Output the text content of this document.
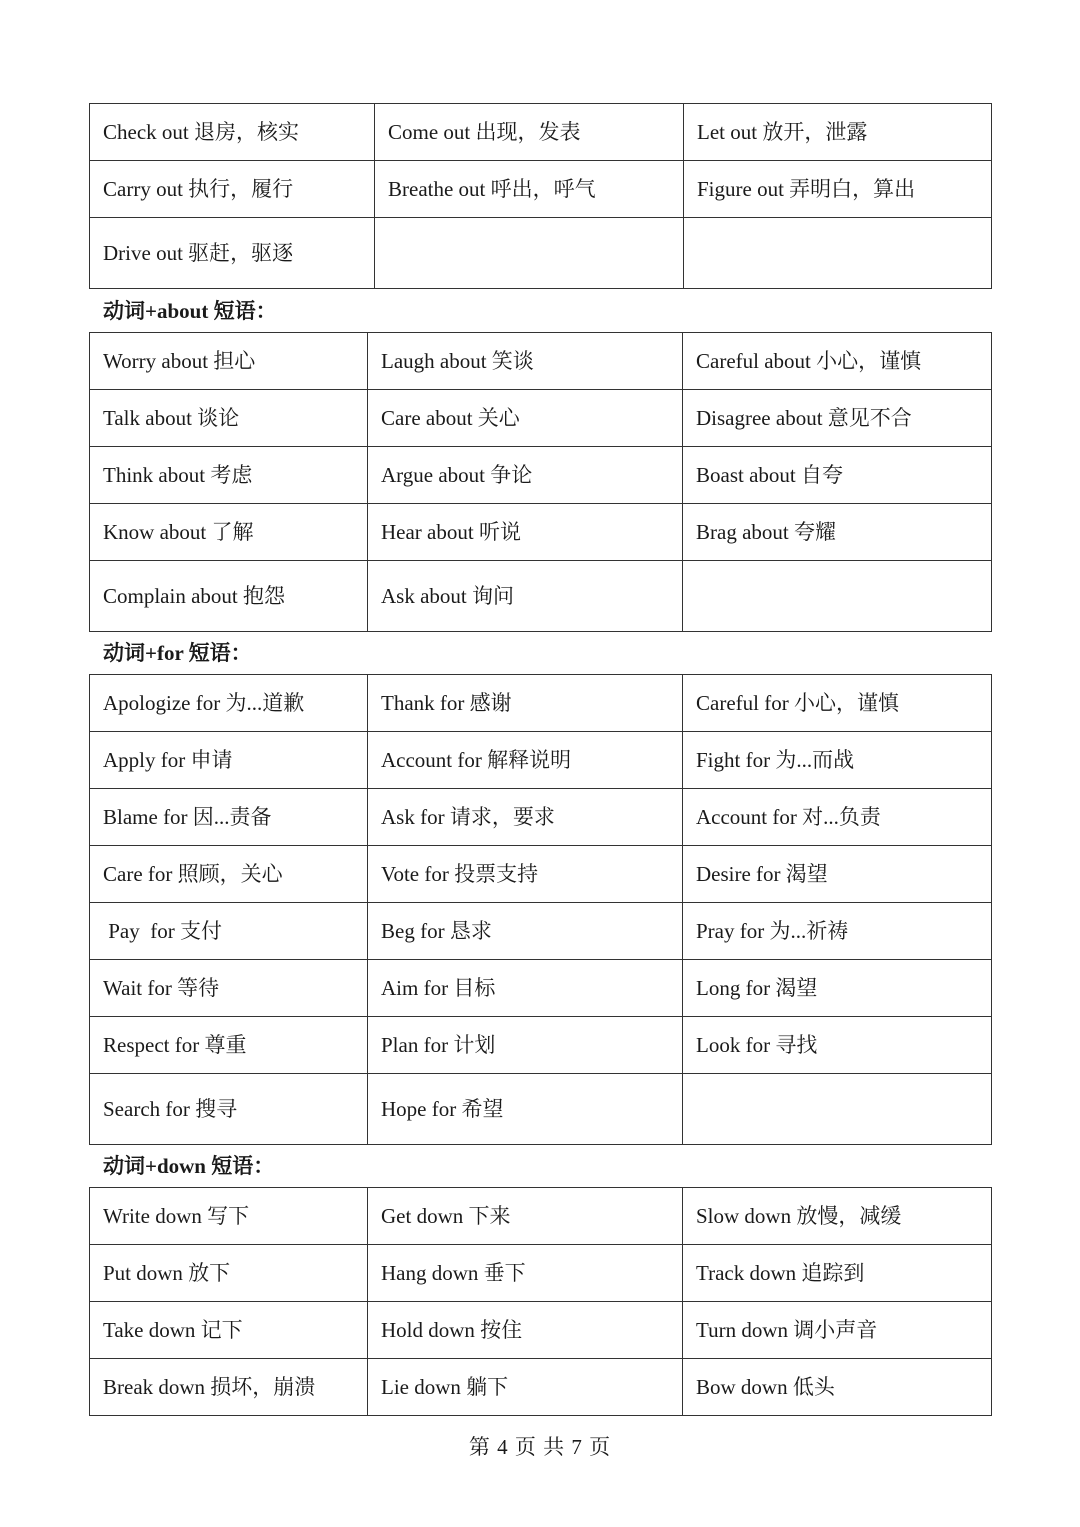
Check out 退房，核实	Come out 出现，发表	Let out 放开，泄露
Carry out 执行，履行	Breathe out 呼出，呼气	Figure out 弄明白，算出
Drive out 驱赶，驱逐		
动词+about 短语：
Worry about 担心	Laugh about 笑谈	Careful about 小心，谨慎
Talk about 谈论	Care about 关心	Disagree about 意见不合
Think about 考虑	Argue about 争论	Boast about 自夸
Know about 了解	Hear about 听说	Brag about 夸耀
Complain about 抱怨	Ask about 询问	
动词+for 短语：
Apologize for 为...道歉	Thank for 感谢	Careful for 小心，谨慎
Apply for 申请	Account for 解释说明	Fight for 为...而战
Blame for 因...责备	Ask for 请求，要求	Account for 对...负责
Care for 照顾，关心	Vote for 投票支持	Desire for 渴望
Pay  for 支付	Beg for 恳求	Pray for 为...祈祷
Wait for 等待	Aim for 目标	Long for 渴望
Respect for 尊重	Plan for 计划	Look for 寻找
Search for 搜寻	Hope for 希望	
动词+down 短语：
Write down 写下	Get down 下来	Slow down 放慢，减缓
Put down 放下	Hang down 垂下	Track down 追踪到
Take down 记下	Hold down 按住	Turn down 调小声音
Break down 损坏，崩溃	Lie down 躺下	Bow down 低头
第 4 页 共 7 页
